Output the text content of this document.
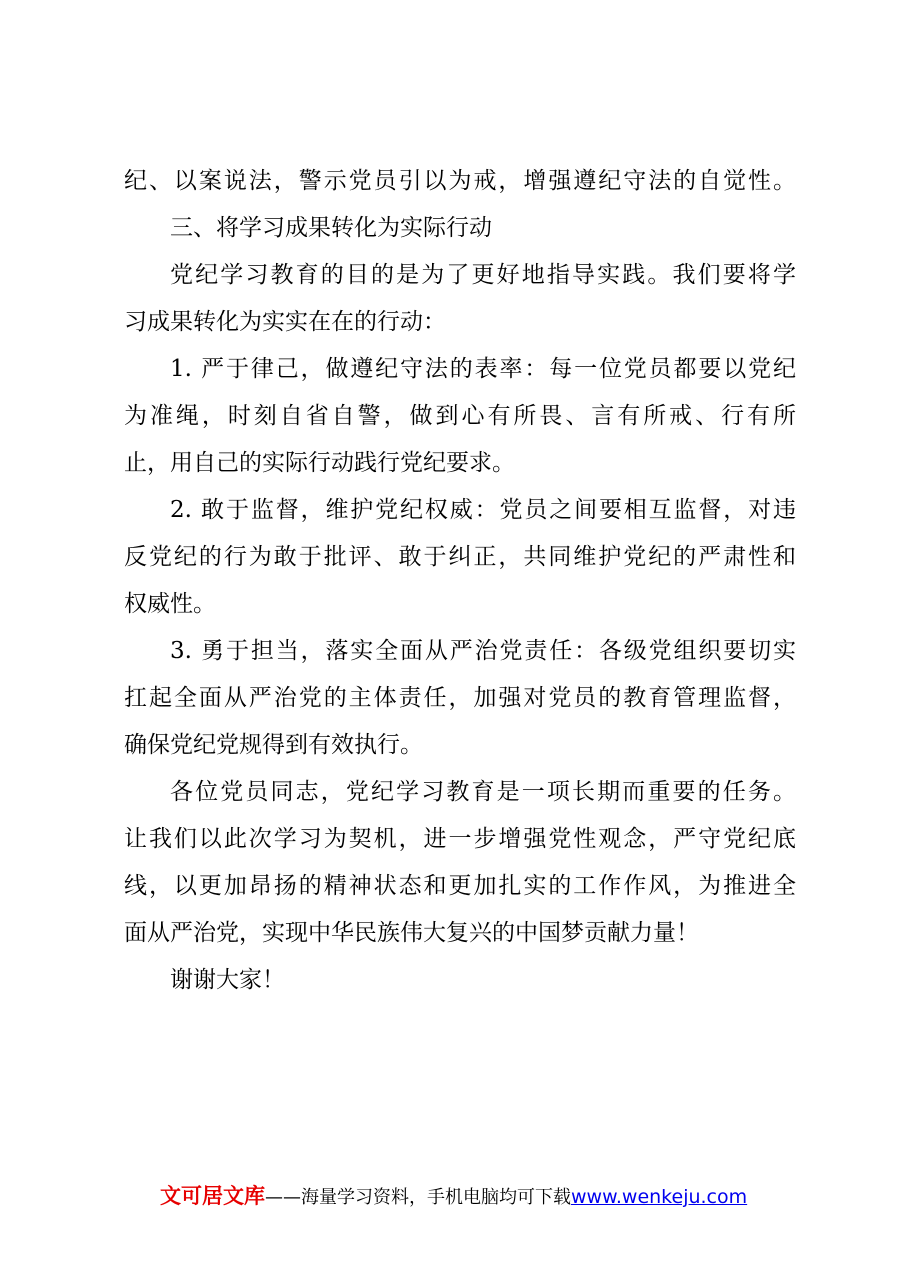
纪、以案说法，警示党员引以为戒，增强遵纪守法的自觉性。
三、将学习成果转化为实际行动
党纪学习教育的目的是为了更好地指导实践。我们要将学
习成果转化为实实在在的行动：
1. 严于律己，做遵纪守法的表率：每一位党员都要以党纪
为准绳，时刻自省自警，做到心有所畏、言有所戒、行有所
止，用自己的实际行动践行党纪要求。
2. 敢于监督，维护党纪权威：党员之间要相互监督，对违
反党纪的行为敢于批评、敢于纠正，共同维护党纪的严肃性和
权威性。
3. 勇于担当，落实全面从严治党责任：各级党组织要切实
扛起全面从严治党的主体责任，加强对党员的教育管理监督，
确保党纪党规得到有效执行。
各位党员同志，党纪学习教育是一项长期而重要的任务。
让我们以此次学习为契机，进一步增强党性观念，严守党纪底
线，以更加昂扬的精神状态和更加扎实的工作作风，为推进全
面从严治党，实现中华民族伟大复兴的中国梦贡献力量！
谢谢大家！
文可居文库——海量学习资料，手机电脑均可下载www.wenkeju.com
